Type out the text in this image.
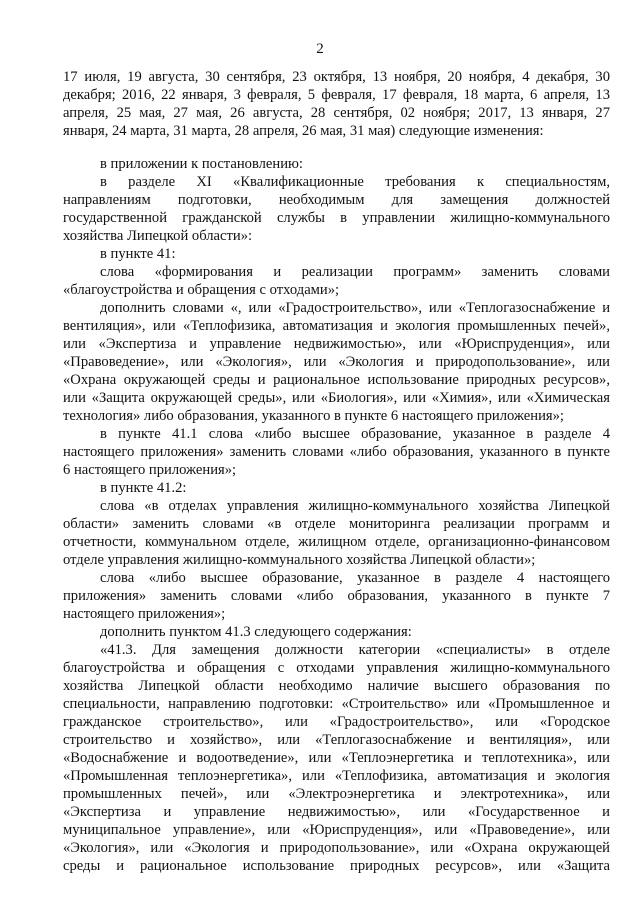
2
17 июля, 19 августа, 30 сентября, 23 октября, 13 ноября, 20 ноября, 4 декабря, 30
декабря; 2016, 22 января, 3 февраля, 5 февраля, 17 февраля, 18 марта, 6 апреля, 13
апреля, 25 мая, 27 мая, 26 августа, 28 сентября, 02 ноября; 2017, 13 января, 27
января, 24 марта, 31 марта, 28 апреля, 26 мая, 31 мая) следующие изменения:
в приложении к постановлению:
в разделе XI «Квалификационные требования к специальностям,
направлениям подготовки, необходимым для замещения должностей
государственной гражданской службы в управлении жилищно-коммунального
хозяйства Липецкой области»:
в пункте 41:
слова «формирования и реализации программ» заменить словами
«благоустройства и обращения с отходами»;
дополнить словами «, или «Градостроительство», или «Теплогазоснабжение и
вентиляция», или «Теплофизика, автоматизация и экология промышленных печей»,
или «Экспертиза и управление недвижимостью», или «Юриспруденция», или
«Правоведение», или «Экология», или «Экология и природопользование», или
«Охрана окружающей среды и рациональное использование природных ресурсов»,
или «Защита окружающей среды», или «Биология», или «Химия», или «Химическая
технология» либо образования, указанного в пункте 6 настоящего приложения»;
в пункте 41.1 слова «либо высшее образование, указанное в разделе 4
настоящего приложения» заменить словами «либо образования, указанного в пункте
6 настоящего приложения»;
в пункте 41.2:
слова «в отделах управления жилищно-коммунального хозяйства Липецкой
области» заменить словами «в отделе мониторинга реализации программ и
отчетности, коммунальном отделе, жилищном отделе, организационно-финансовом
отделе управления жилищно-коммунального хозяйства Липецкой области»;
слова «либо высшее образование, указанное в разделе 4 настоящего
приложения» заменить словами «либо образования, указанного в пункте 7
настоящего приложения»;
дополнить пунктом 41.3 следующего содержания:
«41.3. Для замещения должности категории «специалисты» в отделе
благоустройства и обращения с отходами управления жилищно-коммунального
хозяйства Липецкой области необходимо наличие высшего образования по
специальности, направлению подготовки: «Строительство» или «Промышленное и
гражданское строительство», или «Градостроительство», или «Городское
строительство и хозяйство», или «Теплогазоснабжение и вентиляция», или
«Водоснабжение и водоотведение», или «Теплоэнергетика и теплотехника», или
«Промышленная теплоэнергетика», или «Теплофизика, автоматизация и экология
промышленных печей», или «Электроэнергетика и электротехника», или
«Экспертиза и управление недвижимостью», или «Государственное и
муниципальное управление», или «Юриспруденция», или «Правоведение», или
«Экология», или «Экология и природопользование», или «Охрана окружающей
среды и рациональное использование природных ресурсов», или «Защита
